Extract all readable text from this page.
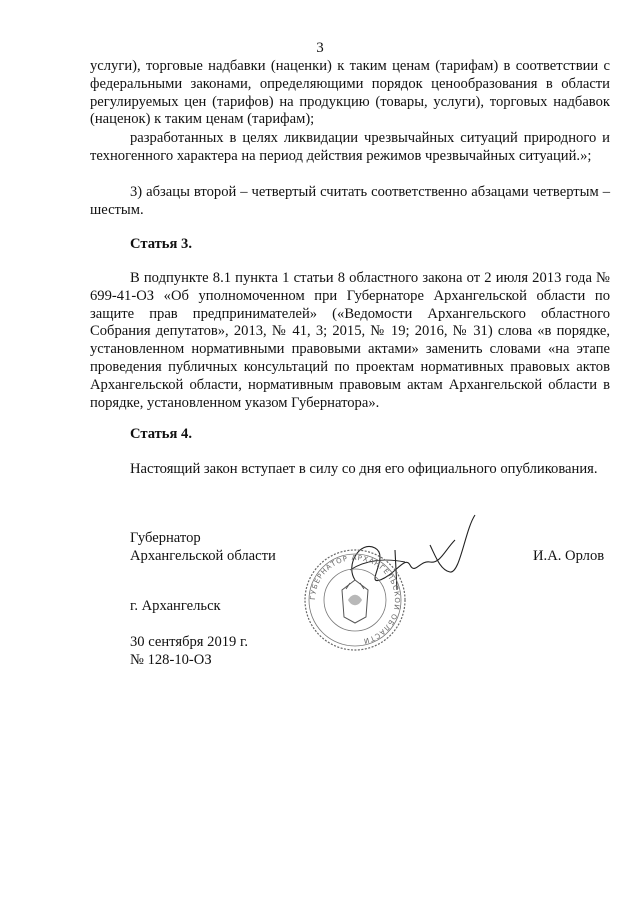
3
услуги), торговые надбавки (наценки) к таким ценам (тарифам) в соответствии с федеральными законами, определяющими порядок ценообразования в области регулируемых цен (тарифов) на продукцию (товары, услуги), торговых надбавок (наценок) к таким ценам (тарифам);
разработанных в целях ликвидации чрезвычайных ситуаций природного и техногенного характера на период действия режимов чрезвычайных ситуаций.»;
3) абзацы второй – четвертый считать соответственно абзацами четвертым – шестым.
Статья 3.
В подпункте 8.1 пункта 1 статьи 8 областного закона от 2 июля 2013 года № 699-41-ОЗ «Об уполномоченном при Губернаторе Архангельской области по защите прав предпринимателей» («Ведомости Архангельского областного Собрания депутатов», 2013, № 41, 3; 2015, № 19; 2016, № 31) слова «в порядке, установленном нормативными правовыми актами» заменить словами «на этапе проведения публичных консультаций по проектам нормативных правовых актов Архангельской области, нормативным правовым актам Архангельской области в порядке, установленном указом Губернатора».
Статья 4.
Настоящий закон вступает в силу со дня его официального опубликования.
Губернатор
Архангельской области	И.А. Орлов
ГУБЕРНАТОР АРХАНГЕЛЬСКОЙ ОБЛАСТИ
г. Архангельск
30 сентября 2019 г.
№ 128-10-ОЗ
